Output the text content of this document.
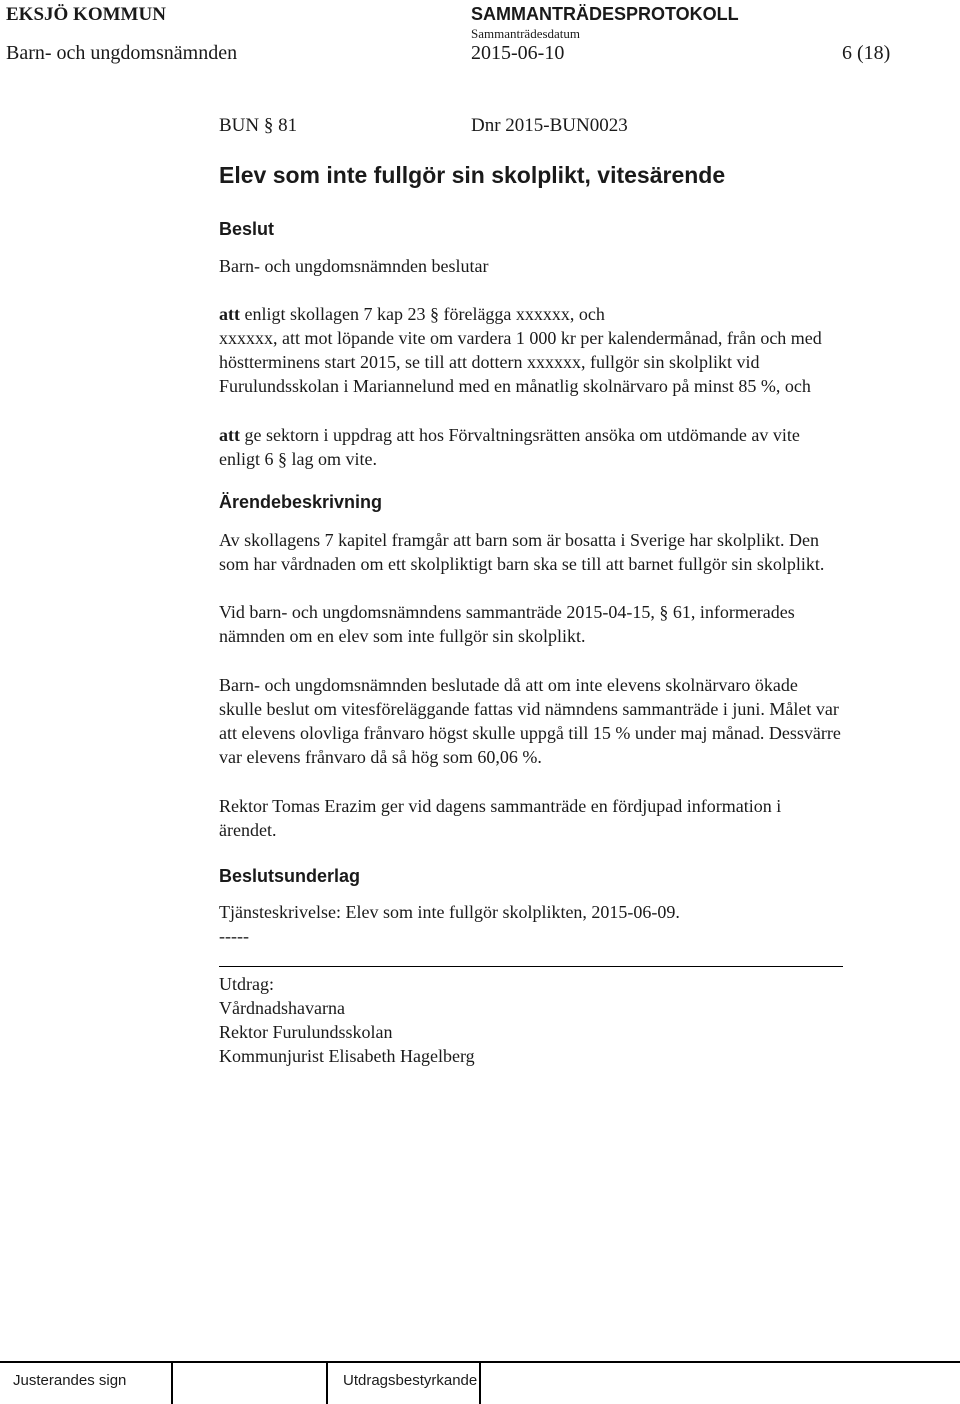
EKSJÖ KOMMUN	SAMMANTRÄDESPROTOKOLL
Sammanträdesdatum
Barn- och ungdomsnämnden	2015-06-10	6 (18)
BUN § 81	Dnr 2015-BUN0023
Elev som inte fullgör sin skolplikt, vitesärende
Beslut
Barn- och ungdomsnämnden beslutar
att enligt skollagen 7 kap 23 § förelägga xxxxxx, och
xxxxxx, att mot löpande vite om vardera 1 000 kr per kalendermånad, från och med
höstterminens start 2015, se till att dottern xxxxxx, fullgör sin skolplikt vid
Furulundsskolan i Mariannelund med en månatlig skolnärvaro på minst 85 %, och
att ge sektorn i uppdrag att hos Förvaltningsrätten ansöka om utdömande av vite
enligt 6 § lag om vite.
Ärendebeskrivning
Av skollagens 7 kapitel framgår att barn som är bosatta i Sverige har skolplikt. Den
som har vårdnaden om ett skolpliktigt barn ska se till att barnet fullgör sin skolplikt.
Vid barn- och ungdomsnämndens sammanträde 2015-04-15, § 61, informerades
nämnden om en elev som inte fullgör sin skolplikt.
Barn- och ungdomsnämnden beslutade då att om inte elevens skolnärvaro ökade
skulle beslut om vitesföreläggande fattas vid nämndens sammanträde i juni. Målet var
att elevens olovliga frånvaro högst skulle uppgå till 15 % under maj månad. Dessvärre
var elevens frånvaro då så hög som 60,06 %.
Rektor Tomas Erazim ger vid dagens sammanträde en fördjupad information i
ärendet.
Beslutsunderlag
Tjänsteskrivelse: Elev som inte fullgör skolplikten, 2015-06-09.
-----
Utdrag:
Vårdnadshavarna
Rektor Furulundsskolan
Kommunjurist Elisabeth Hagelberg
Justerandes sign	Utdragsbestyrkande
